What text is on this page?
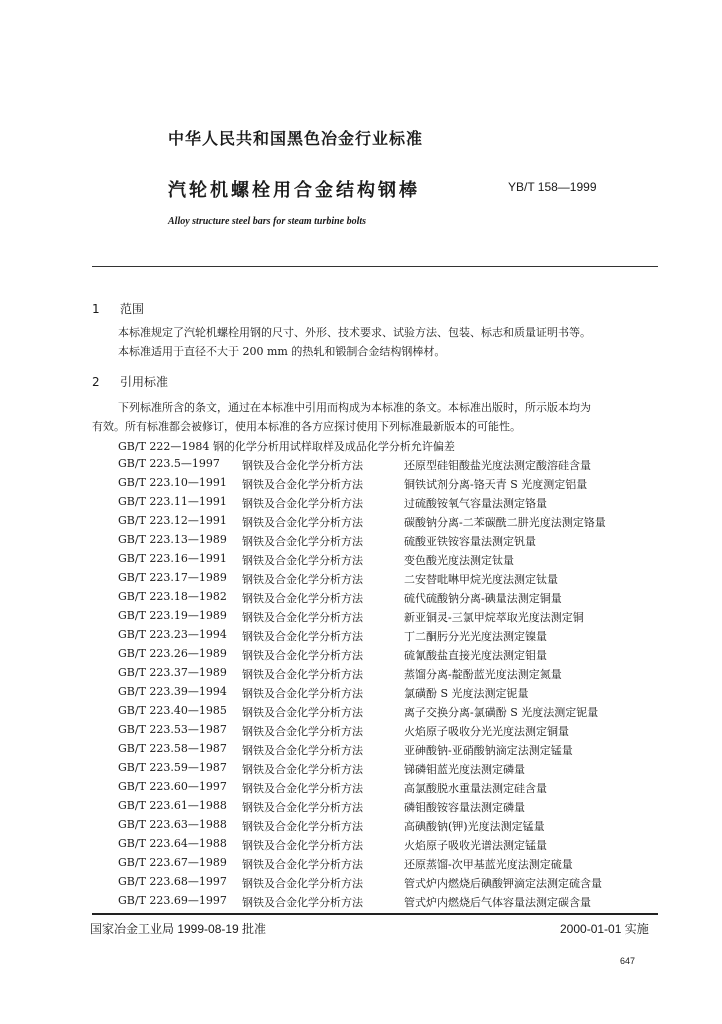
中华人民共和国黑色冶金行业标准
汽轮机螺栓用合金结构钢棒	YB/T 158—1999
Alloy structure steel bars for steam turbine bolts
1 范围
本标准规定了汽轮机螺栓用钢的尺寸、外形、技术要求、试验方法、包装、标志和质量证明书等。
本标准适用于直径不大于 200 mm 的热轧和锻制合金结构钢棒材。
2 引用标准
下列标准所含的条文，通过在本标准中引用而构成为本标准的条文。本标准出版时，所示版本均为
有效。所有标准都会被修订，使用本标准的各方应探讨使用下列标准最新版本的可能性。
GB/T 222—1984 钢的化学分析用试样取样及成品化学分析允许偏差
GB/T 223.5—1997 钢铁及合金化学分析方法	还原型硅钼酸盐光度法测定酸溶硅含量
GB/T 223.10—1991 钢铁及合金化学分析方法	铜铁试剂分离-铬天青 S 光度测定铝量
GB/T 223.11—1991 钢铁及合金化学分析方法	过硫酸铵氧气容量法测定铬量
GB/T 223.12—1991 钢铁及合金化学分析方法	碳酸钠分离-二苯碳酰二肼光度法测定铬量
GB/T 223.13—1989 钢铁及合金化学分析方法	硫酸亚铁铵容量法测定钒量
GB/T 223.16—1991 钢铁及合金化学分析方法	变色酸光度法测定钛量
GB/T 223.17—1989 钢铁及合金化学分析方法	二安替吡啉甲烷光度法测定钛量
GB/T 223.18—1982 钢铁及合金化学分析方法	硫代硫酸钠分离-碘量法测定铜量
GB/T 223.19—1989 钢铁及合金化学分析方法	新亚铜灵-三氯甲烷萃取光度法测定铜
GB/T 223.23—1994 钢铁及合金化学分析方法	丁二酮肟分光光度法测定镍量
GB/T 223.26—1989 钢铁及合金化学分析方法	硫氰酸盐直接光度法测定钼量
GB/T 223.37—1989 钢铁及合金化学分析方法	蒸馏分离-靛酚蓝光度法测定氮量
GB/T 223.39—1994 钢铁及合金化学分析方法	氯磺酚 S 光度法测定铌量
GB/T 223.40—1985 钢铁及合金化学分析方法	离子交换分离-氯磺酚 S 光度法测定铌量
GB/T 223.53—1987 钢铁及合金化学分析方法	火焰原子吸收分光光度法测定铜量
GB/T 223.58—1987 钢铁及合金化学分析方法	亚砷酸钠-亚硝酸钠滴定法测定锰量
GB/T 223.59—1987 钢铁及合金化学分析方法	锑磷钼蓝光度法测定磷量
GB/T 223.60—1997 钢铁及合金化学分析方法	高氯酸脱水重量法测定硅含量
GB/T 223.61—1988 钢铁及合金化学分析方法	磷钼酸铵容量法测定磷量
GB/T 223.63—1988 钢铁及合金化学分析方法	高碘酸钠(钾)光度法测定锰量
GB/T 223.64—1988 钢铁及合金化学分析方法	火焰原子吸收光谱法测定锰量
GB/T 223.67—1989 钢铁及合金化学分析方法	还原蒸馏-次甲基蓝光度法测定硫量
GB/T 223.68—1997 钢铁及合金化学分析方法	管式炉内燃烧后碘酸钾滴定法测定硫含量
GB/T 223.69—1997 钢铁及合金化学分析方法	管式炉内燃烧后气体容量法测定碳含量
国家冶金工业局 1999-08-19 批准	2000-01-01 实施
647
